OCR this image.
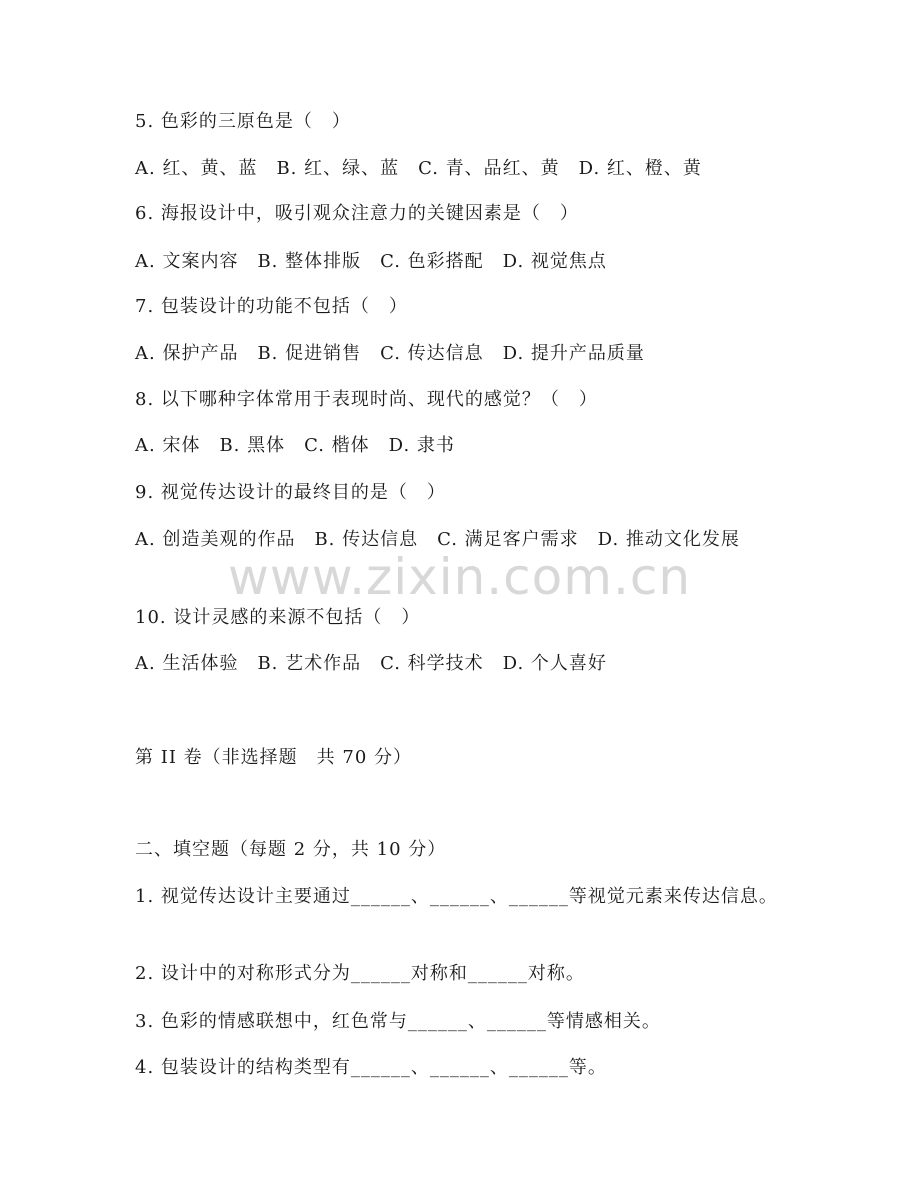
5. 色彩的三原色是（　）
A. 红、黄、蓝　B. 红、绿、蓝　C. 青、品红、黄　D. 红、橙、黄
6. 海报设计中，吸引观众注意力的关键因素是（　）
A. 文案内容　B. 整体排版　C. 色彩搭配　D. 视觉焦点
7. 包装设计的功能不包括（　）
A. 保护产品　B. 促进销售　C. 传达信息　D. 提升产品质量
8. 以下哪种字体常用于表现时尚、现代的感觉？（　）
A. 宋体　B. 黑体　C. 楷体　D. 隶书
9. 视觉传达设计的最终目的是（　）
A. 创造美观的作品　B. 传达信息　C. 满足客户需求　D. 推动文化发展
10. 设计灵感的来源不包括（　）
A. 生活体验　B. 艺术作品　C. 科学技术　D. 个人喜好
第 II 卷（非选择题　共 70 分）
二、填空题（每题 2 分，共 10 分）
1. 视觉传达设计主要通过______、______、______等视觉元素来传达信息。
2. 设计中的对称形式分为______对称和______对称。
3. 色彩的情感联想中，红色常与______、______等情感相关。
4. 包装设计的结构类型有______、______、______等。
www.zixin.com.cn
